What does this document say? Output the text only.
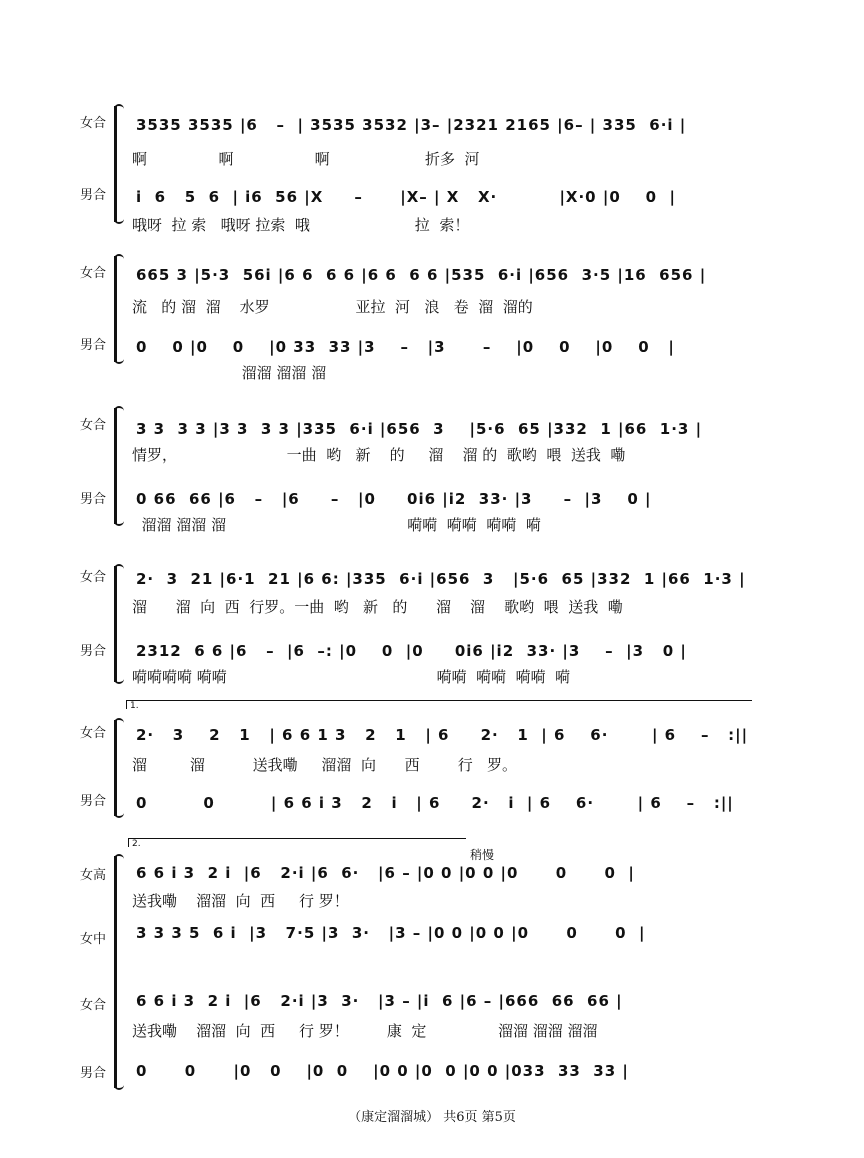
女合	3535 3535 |6   –  | 3535 3532 |3– |2321 2165 |6– | 335  6·i |
啊               啊                 啊                    折多  河
男合	i  6   5  6  | i6  56 |X     –      |X– | X   X·          |X·0 |0    0  |
哦呀  拉 索   哦呀 拉索  哦                      拉  索！
女合	665 3 |5·3  56i |6 6  6 6 |6 6  6 6 |535  6·i |656  3·5 |16  656 |
流   的 溜  溜    水罗                  亚拉  河   浪   卷  溜  溜的
男合	0    0 |0    0    |0 33  33 |3    –   |3      –    |0    0    |0    0   |
溜溜 溜溜 溜
女合	3 3  3 3 |3 3  3 3 |335  6·i |656  3    |5·6  65 |332  1 |66  1·3 |
情罗，                       一曲  哟   新    的     溜    溜 的  歌哟  喂  送我  嘞
男合	0 66  66 |6   –   |6     –   |0     0i6 |i2  33· |3     –  |3    0 |
溜溜 溜溜 溜                                      嗬嗬  嗬嗬  嗬嗬  嗬
女合	2·  3  21 |6·1  21 |6 6: |335  6·i |656  3   |5·6  65 |332  1 |66  1·3 |
溜      溜  向  西  行罗。一曲  哟   新   的      溜    溜    歌哟  喂  送我  嘞
男合	2312  6 6 |6   –  |6  –: |0    0  |0     0i6 |i2  33· |3    –  |3   0 |
嗬嗬嗬嗬 嗬嗬                                            嗬嗬  嗬嗬  嗬嗬  嗬
1.
女合	2·   3    2   1   | 6 6 1 3   2   1   | 6     2·   1  | 6    6·       | 6    –   :||
溜         溜          送我嘞     溜溜  向      西        行   罗。
男合	0         0         | 6 6 i 3   2   i   | 6     2·   i  | 6    6·       | 6    –   :||
2.
稍慢
女高	6 6 i 3  2 i  |6   2·i |6  6·   |6 – |0 0 |0 0 |0      0      0  |
送我嘞    溜溜  向  西     行 罗！
女中	3 3 3 5  6 i  |3   7·5 |3  3·   |3 – |0 0 |0 0 |0      0      0  |
女合	6 6 i 3  2 i  |6   2·i |3  3·   |3 – |i  6 |6 – |666  66  66 |
送我嘞    溜溜  向  西     行 罗！        康  定               溜溜 溜溜 溜溜
男合	0      0      |0   0    |0  0    |0 0 |0  0 |0 0 |033  33  33 |
（康定溜溜城） 共6页 第5页
